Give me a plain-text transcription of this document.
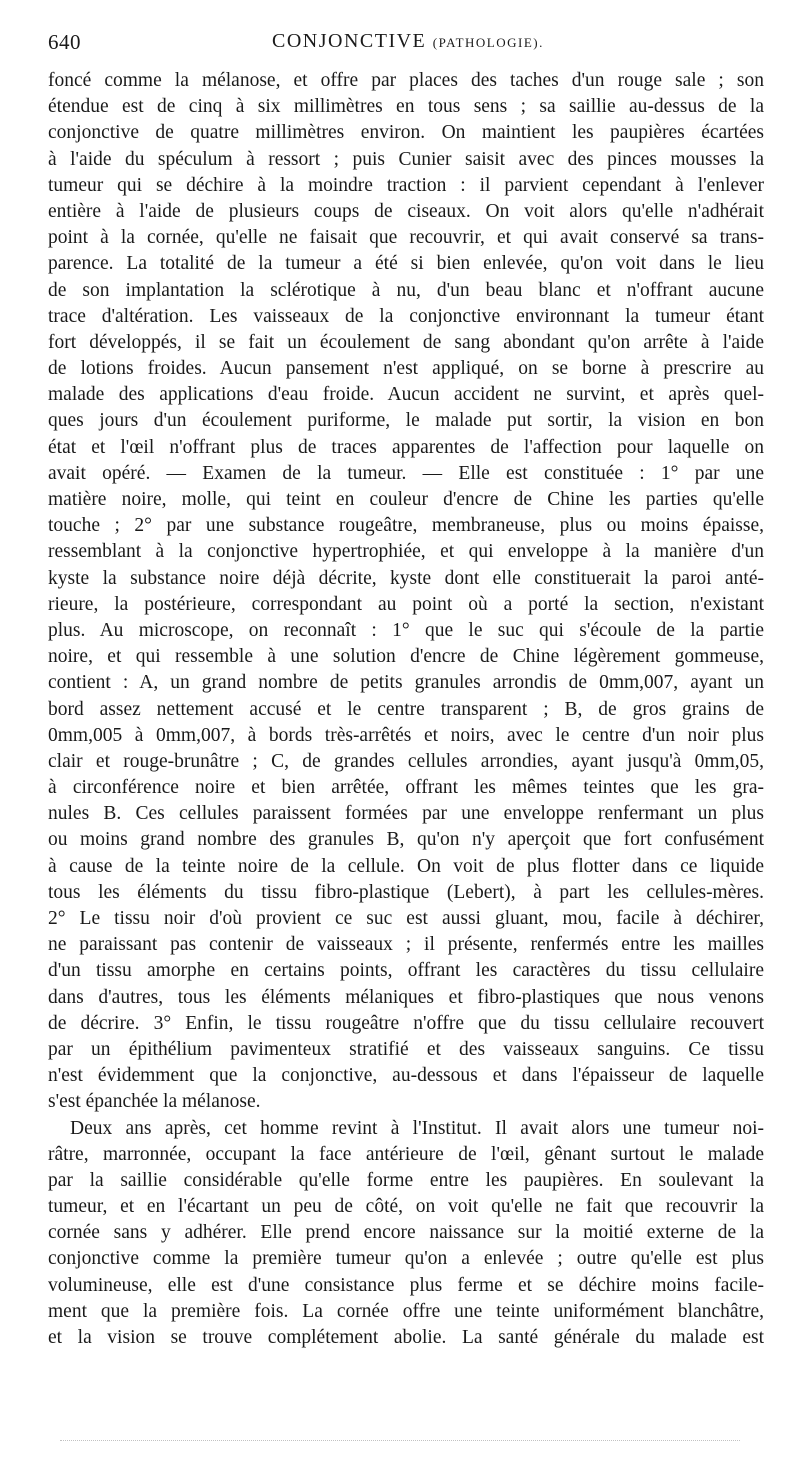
640	CONJONCTIVE (PATHOLOGIE).
foncé comme la mélanose, et offre par places des taches d'un rouge sale ; son
étendue est de cinq à six millimètres en tous sens ; sa saillie au-dessus de la
conjonctive de quatre millimètres environ. On maintient les paupières écartées
à l'aide du spéculum à ressort ; puis Cunier saisit avec des pinces mousses la
tumeur qui se déchire à la moindre traction : il parvient cependant à l'enlever
entière à l'aide de plusieurs coups de ciseaux. On voit alors qu'elle n'adhérait
point à la cornée, qu'elle ne faisait que recouvrir, et qui avait conservé sa trans-
parence. La totalité de la tumeur a été si bien enlevée, qu'on voit dans le lieu
de son implantation la sclérotique à nu, d'un beau blanc et n'offrant aucune
trace d'altération. Les vaisseaux de la conjonctive environnant la tumeur étant
fort développés, il se fait un écoulement de sang abondant qu'on arrête à l'aide
de lotions froides. Aucun pansement n'est appliqué, on se borne à prescrire au
malade des applications d'eau froide. Aucun accident ne survint, et après quel-
ques jours d'un écoulement puriforme, le malade put sortir, la vision en bon
état et l'œil n'offrant plus de traces apparentes de l'affection pour laquelle on
avait opéré. — Examen de la tumeur. — Elle est constituée : 1° par une
matière noire, molle, qui teint en couleur d'encre de Chine les parties qu'elle
touche ; 2° par une substance rougeâtre, membraneuse, plus ou moins épaisse,
ressemblant à la conjonctive hypertrophiée, et qui enveloppe à la manière d'un
kyste la substance noire déjà décrite, kyste dont elle constituerait la paroi anté-
rieure, la postérieure, correspondant au point où a porté la section, n'existant
plus. Au microscope, on reconnaît : 1° que le suc qui s'écoule de la partie
noire, et qui ressemble à une solution d'encre de Chine légèrement gommeuse,
contient : A, un grand nombre de petits granules arrondis de 0mm,007, ayant un
bord assez nettement accusé et le centre transparent ; B, de gros grains de
0mm,005 à 0mm,007, à bords très-arrêtés et noirs, avec le centre d'un noir plus
clair et rouge-brunâtre ; C, de grandes cellules arrondies, ayant jusqu'à 0mm,05,
à circonférence noire et bien arrêtée, offrant les mêmes teintes que les gra-
nules B. Ces cellules paraissent formées par une enveloppe renfermant un plus
ou moins grand nombre des granules B, qu'on n'y aperçoit que fort confusément
à cause de la teinte noire de la cellule. On voit de plus flotter dans ce liquide
tous les éléments du tissu fibro-plastique (Lebert), à part les cellules-mères.
2° Le tissu noir d'où provient ce suc est aussi gluant, mou, facile à déchirer,
ne paraissant pas contenir de vaisseaux ; il présente, renfermés entre les mailles
d'un tissu amorphe en certains points, offrant les caractères du tissu cellulaire
dans d'autres, tous les éléments mélaniques et fibro-plastiques que nous venons
de décrire. 3° Enfin, le tissu rougeâtre n'offre que du tissu cellulaire recouvert
par un épithélium pavimenteux stratifié et des vaisseaux sanguins. Ce tissu
n'est évidemment que la conjonctive, au-dessous et dans l'épaisseur de laquelle
s'est épanchée la mélanose.
Deux ans après, cet homme revint à l'Institut. Il avait alors une tumeur noi-
râtre, marronnée, occupant la face antérieure de l'œil, gênant surtout le malade
par la saillie considérable qu'elle forme entre les paupières. En soulevant la
tumeur, et en l'écartant un peu de côté, on voit qu'elle ne fait que recouvrir la
cornée sans y adhérer. Elle prend encore naissance sur la moitié externe de la
conjonctive comme la première tumeur qu'on a enlevée ; outre qu'elle est plus
volumineuse, elle est d'une consistance plus ferme et se déchire moins facile-
ment que la première fois. La cornée offre une teinte uniformément blanchâtre,
et la vision se trouve complétement abolie. La santé générale du malade est
